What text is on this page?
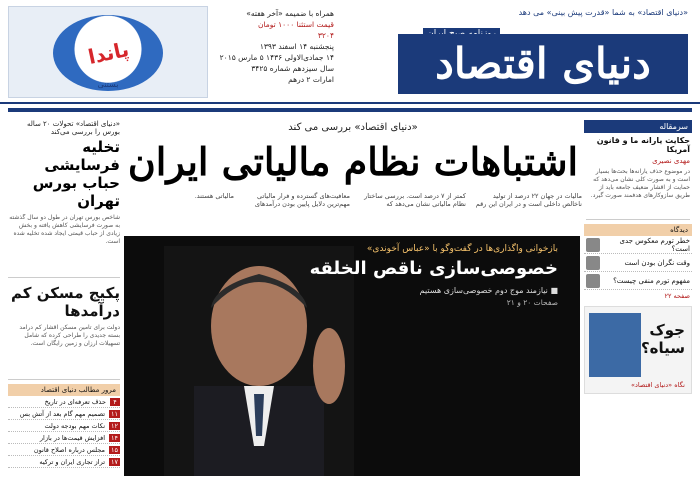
«دنیای اقتصاد» به شما «قدرت پیش بینی» می دهد
دنیای اقتصاد
همراه با ضمیمه «آخر هفته»
قیمت استثنا ۱۰۰۰ تومان
۳۲۰۴
پنجشنبه ۱۴ اسفند ۱۳۹۳
۱۴ جمادی‌الاولی ۱۴۳۶ ۵ مارس ۲۰۱۵
سال سیزدهم شماره ۳۴۲۵
امارات ۲ درهم
پاندا
بستنی
سرمقاله
حکایت یارانه ما و قانون آمریکا
مهدی نصیری
در موضوع حذف یارانه‌ها بحث‌ها بسیار است و به صورت کلی نشان می‌دهد که حمایت از اقشار ضعیف جامعه باید از طریق سازوکارهای هدفمند صورت گیرد.
دیدگاه
خطر تورم معکوس جدی است؟
وقت نگران بودن است
مفهوم تورم منفی چیست؟
صفحه ۲۲
جوک سیاه؟
نگاه «دنیای اقتصاد»
«دنیای اقتصاد» بررسی می کند
اشتباهات نظام مالیاتی ایران
مالیات در جهان ۲۲ درصد از تولید ناخالص داخلی است و در ایران این رقم کمتر از ۷ درصد است. بررسی ساختار نظام مالیاتی نشان می‌دهد که معافیت‌های گسترده و فرار مالیاتی مهم‌ترین دلایل پایین بودن درآمدهای مالیاتی هستند.
بازخوانی واگذاری‌ها در گفت‌وگو با «عباس آخوندی»
خصوصی‌سازی ناقص الخلقه
■ نیازمند موج دوم خصوصی‌سازی هستیم
صفحات ۲۰ و ۲۱
«دنیای اقتصاد» تحولات ۲۰ ساله بورس را بررسی می‌کند
تخلیه فرسایشی حباب بورس تهران
شاخص بورس تهران در طول دو سال گذشته به صورت فرسایشی کاهش یافته و بخش زیادی از حباب قیمتی ایجاد شده تخلیه شده است.
پکیج مسکن کم درآمدها
دولت برای تامین مسکن اقشار کم درآمد بسته جدیدی را طراحی کرده که شامل تسهیلات ارزان و زمین رایگان است.
مرور مطالب دنیای اقتصاد
۴
حذف تعرفه‌ای در تاریخ
۱۱
تصمیم مهم گام بعد از آتش بس
۱۲
نکات مهم بودجه دولت
۱۴
افزایش قیمت‌ها در بازار
۱۵
مجلس درباره اصلاح قانون
۱۷
تراز تجاری ایران و ترکیه
